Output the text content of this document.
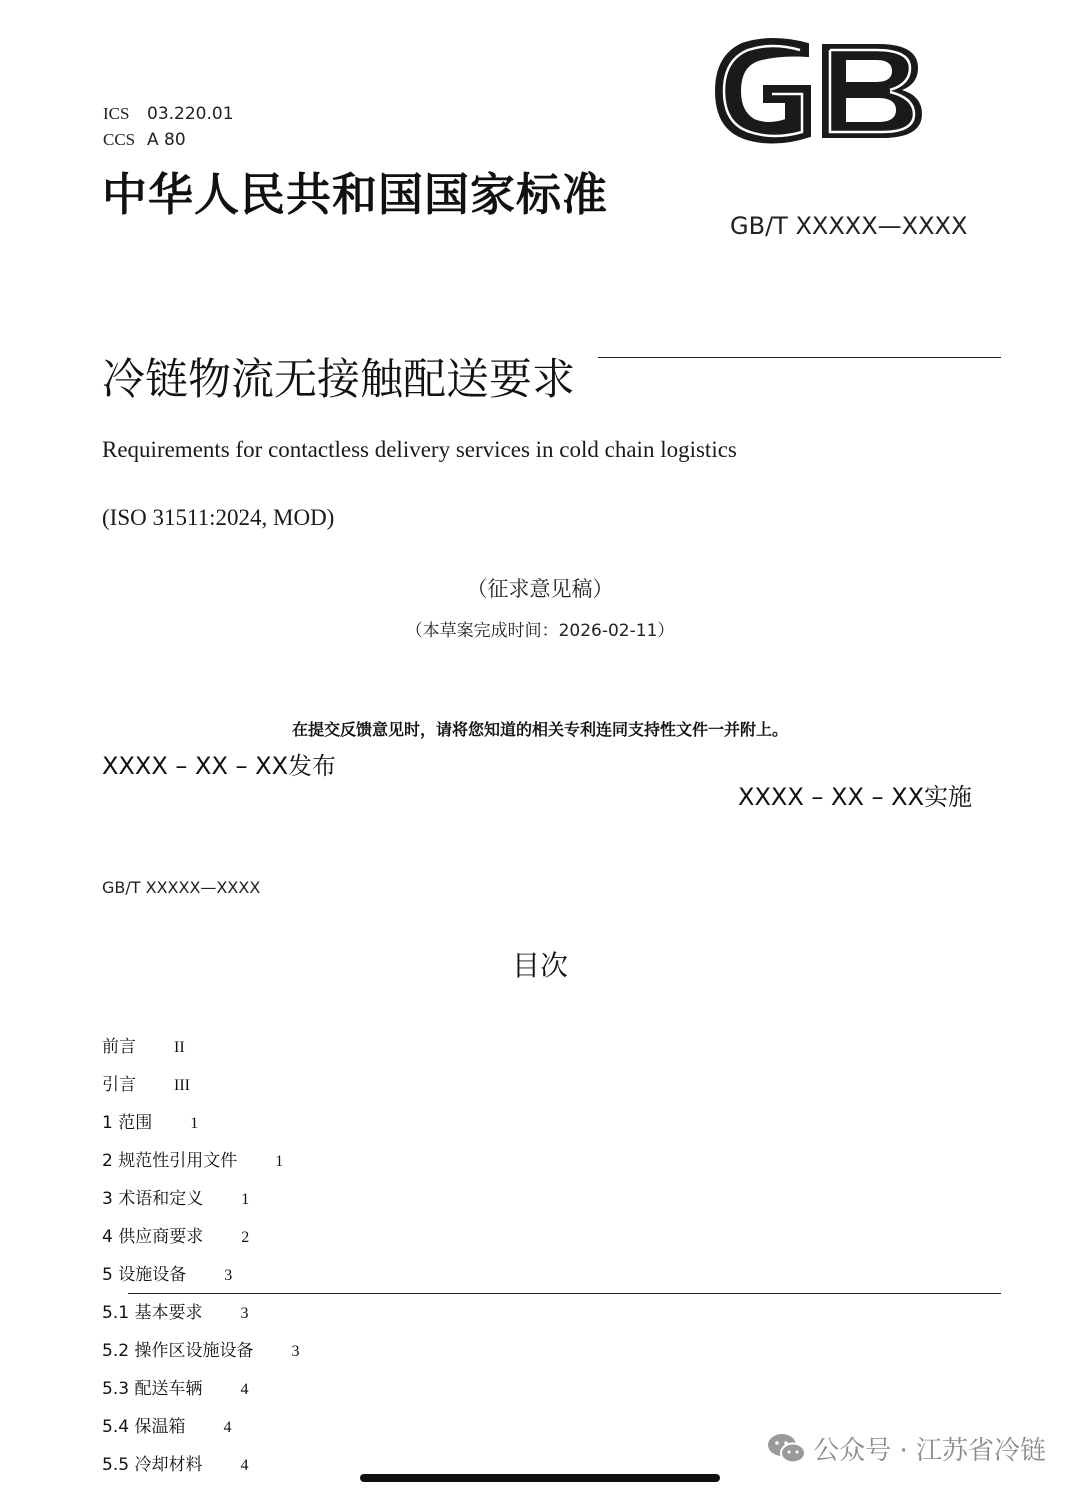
ICS 03.220.01
CCS A 80
中华人民共和国国家标准
GB/T XXXXX—XXXX
冷链物流无接触配送要求
Requirements for contactless delivery services in cold chain logistics
(ISO 31511:2024, MOD)
（征求意见稿）
（本草案完成时间：2026-02-11）
在提交反馈意见时，请将您知道的相关专利连同支持性文件一并附上。
XXXX – XX – XX发布
XXXX – XX – XX实施
GB/T XXXXX—XXXX
目次
前言 II
引言 III
1 范围 1
2 规范性引用文件 1
3 术语和定义 1
4 供应商要求 2
5 设施设备 3
5.1 基本要求 3
5.2 操作区设施设备 3
5.3 配送车辆 4
5.4 保温箱 4
5.5 冷却材料 4	公众号 · 江苏省冷链
